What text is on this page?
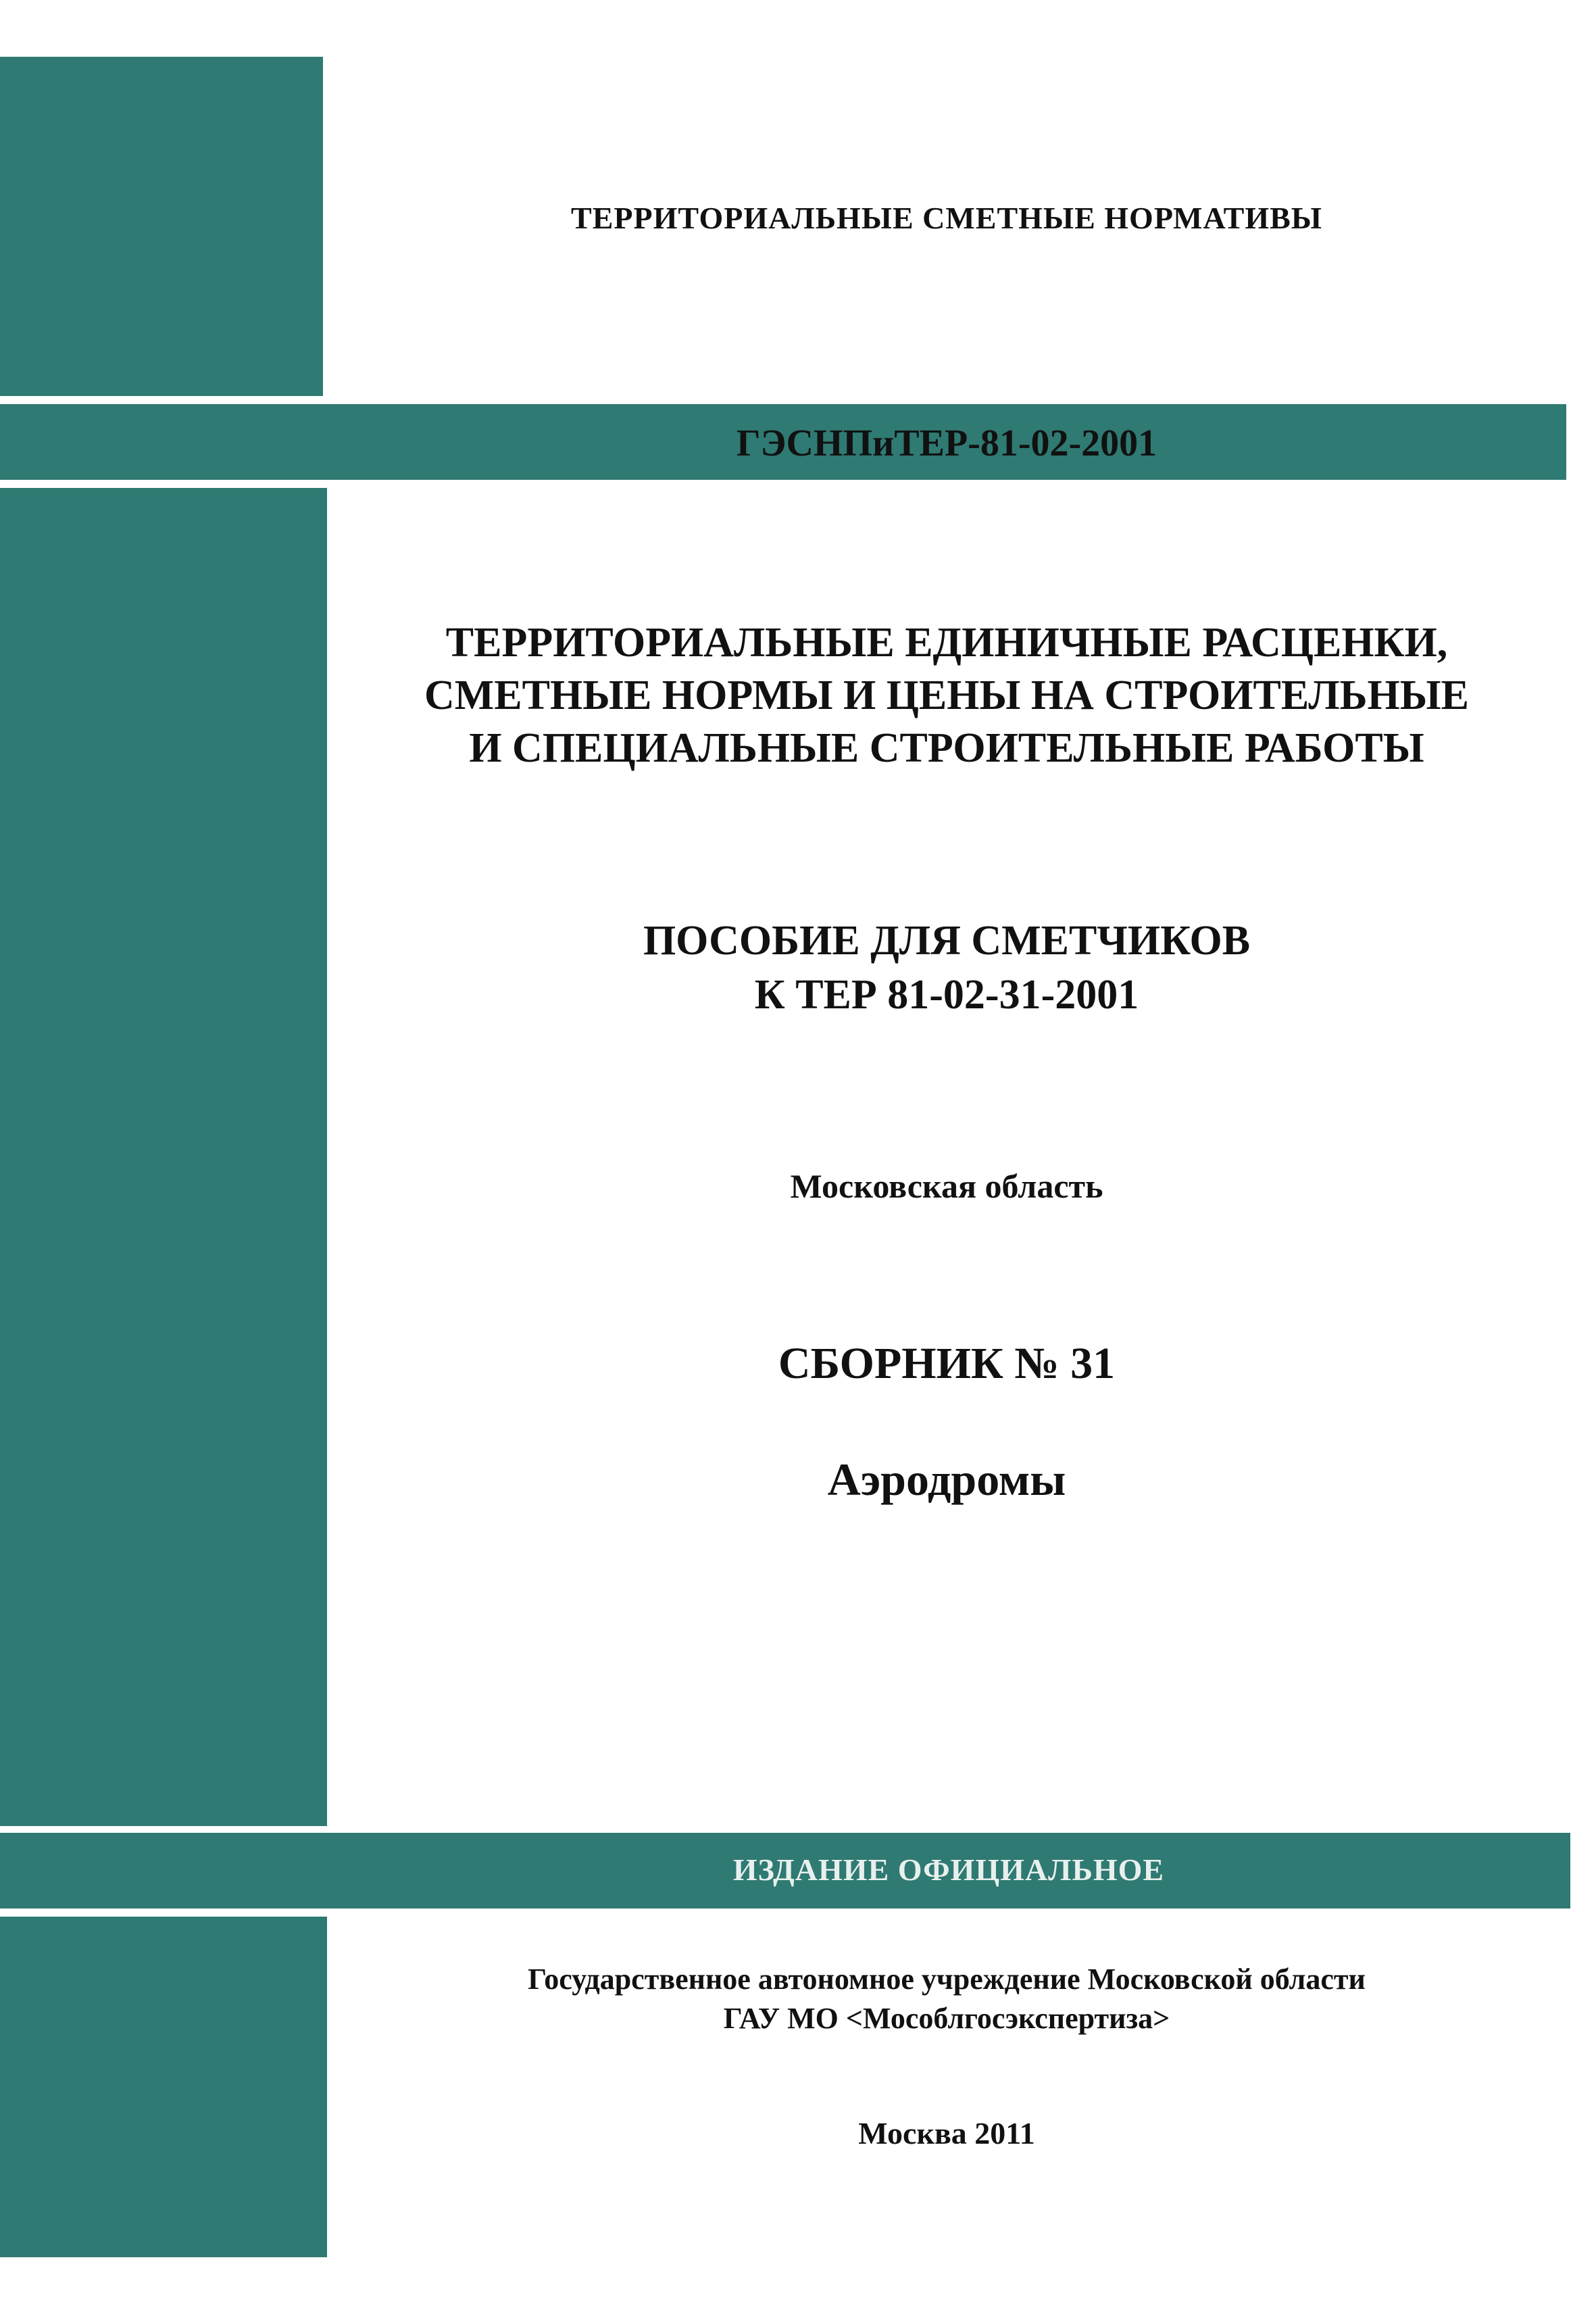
ТЕРРИТОРИАЛЬНЫЕ СМЕТНЫЕ НОРМАТИВЫ
ГЭСНПиТЕР-81-02-2001
ТЕРРИТОРИАЛЬНЫЕ ЕДИНИЧНЫЕ РАСЦЕНКИ,
СМЕТНЫЕ НОРМЫ И ЦЕНЫ НА СТРОИТЕЛЬНЫЕ
И СПЕЦИАЛЬНЫЕ СТРОИТЕЛЬНЫЕ РАБОТЫ
ПОСОБИЕ ДЛЯ СМЕТЧИКОВ
К ТЕР 81-02-31-2001
Московская область
СБОРНИК № 31
Аэродромы
ИЗДАНИЕ ОФИЦИАЛЬНОЕ
Государственное автономное учреждение Московской области
ГАУ МО <Мособлгосэкспертиза>
Москва 2011
